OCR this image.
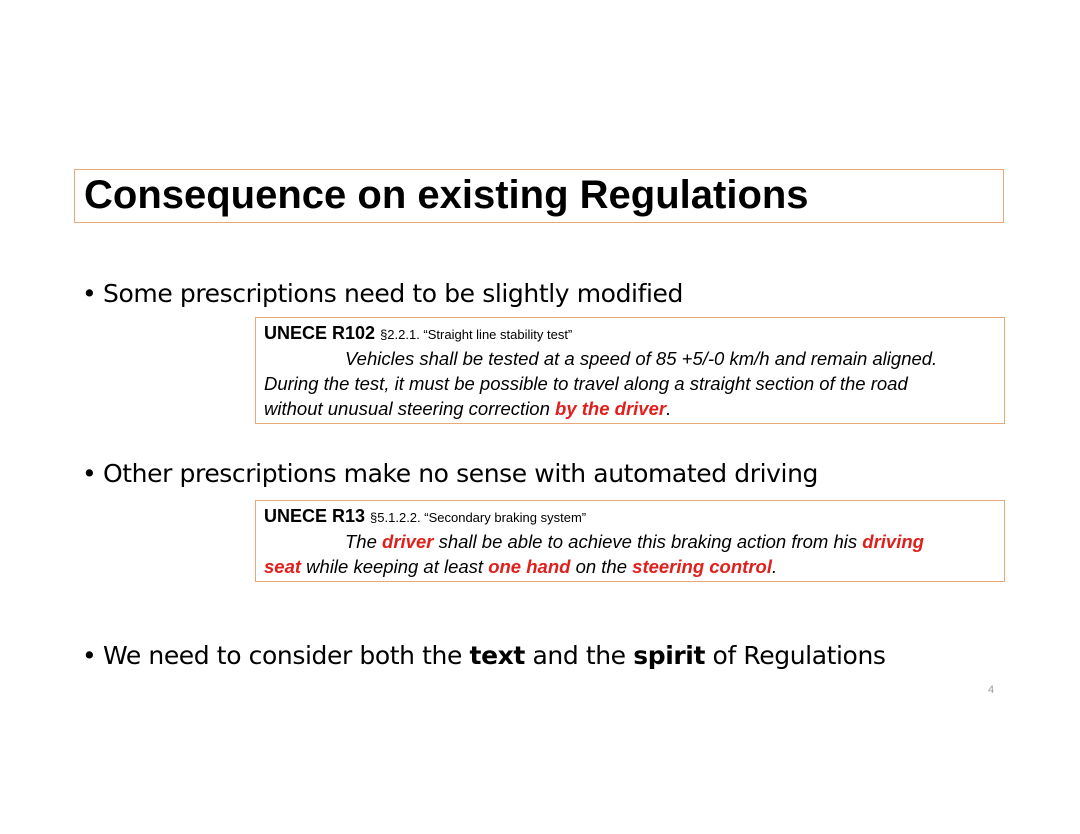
Consequence on existing Regulations
• Some prescriptions need to be slightly modified
UNECE R102 §2.2.1. “Straight line stability test”
Vehicles shall be tested at a speed of 85 +5/-0 km/h and remain aligned.
During the test, it must be possible to travel along a straight section of the road
without unusual steering correction by the driver.
• Other prescriptions make no sense with automated driving
UNECE R13 §5.1.2.2. “Secondary braking system”
The driver shall be able to achieve this braking action from his driving
seat while keeping at least one hand on the steering control.
• We need to consider both the text and the spirit of Regulations
4
